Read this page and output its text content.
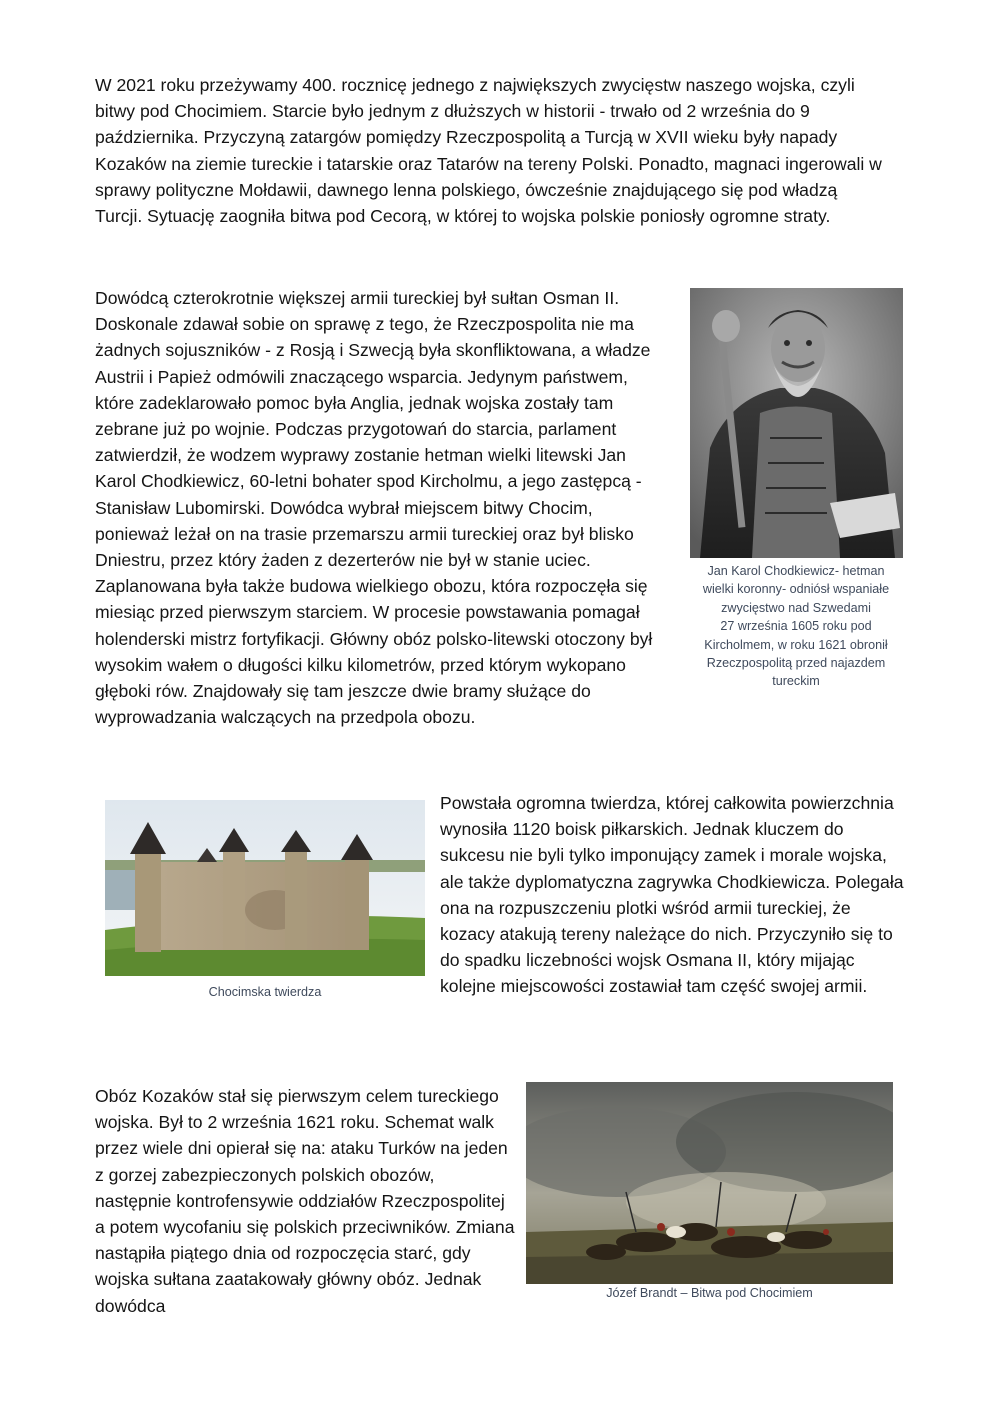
W 2021 roku przeżywamy 400. rocznicę jednego z największych zwycięstw naszego wojska, czyli bitwy pod Chocimiem. Starcie było jednym z dłuższych w historii - trwało od 2 września do 9 października. Przyczyną zatargów pomiędzy Rzeczpospolitą a Turcją w XVII wieku były napady Kozaków na ziemie tureckie i tatarskie oraz Tatarów na tereny Polski. Ponadto, magnaci ingerowali w sprawy polityczne Mołdawii, dawnego lenna polskiego, ówcześnie znajdującego się pod władzą Turcji. Sytuację zaogniła bitwa pod Cecorą, w której to wojska polskie poniosły ogromne straty.

Dowódcą czterokrotnie większej armii tureckiej był sułtan Osman II. Doskonale zdawał sobie on sprawę z tego, że Rzeczpospolita nie ma żadnych sojuszników - z Rosją i Szwecją była skonfliktowana, a władze Austrii i Papież odmówili znaczącego wsparcia. Jedynym państwem, które zadeklarowało pomoc była Anglia, jednak wojska zostały tam zebrane już po wojnie. Podczas przygotowań do starcia, parlament zatwierdził, że wodzem wyprawy zostanie hetman wielki litewski Jan Karol Chodkiewicz, 60-letni bohater spod Kircholmu, a jego zastępcą - Stanisław Lubomirski. Dowódca wybrał miejscem bitwy Chocim, ponieważ leżał on na trasie przemarszu armii tureckiej oraz był blisko Dniestru, przez który żaden z dezerterów nie był w stanie uciec. Zaplanowana była także budowa wielkiego obozu, która rozpoczęła się miesiąc przed pierwszym starciem. W procesie powstawania pomagał holenderski mistrz fortyfikacji. Główny obóz polsko-litewski otoczony był wysokim wałem o długości kilku kilometrów, przed którym wykopano głęboki rów. Znajdowały się tam jeszcze dwie bramy służące do wyprowadzania walczących na przedpola obozu.

Jan Karol Chodkiewicz- hetman
wielki koronny- odniósł wspaniałe
zwycięstwo nad Szwedami
27 września 1605 roku pod
Kircholmem, w roku 1621 obronił
Rzeczpospolitą przed najazdem
tureckim
Chocimska twierdza

Powstała ogromna twierdza, której całkowita powierzchnia wynosiła 1120 boisk piłkarskich. Jednak kluczem do sukcesu nie byli tylko imponujący zamek i morale wojska, ale także dyplomatyczna zagrywka Chodkiewicza. Polegała ona na rozpuszczeniu plotki wśród armii tureckiej, że kozacy atakują tereny należące do nich. Przyczyniło się to do spadku liczebności wojsk Osmana II, który mijając kolejne miejscowości zostawiał tam część swojej armii.

Obóz Kozaków stał się pierwszym celem tureckiego wojska. Był to 2 września 1621 roku. Schemat walk przez wiele dni opierał się na: ataku Turków na jeden z gorzej zabezpieczonych polskich obozów, następnie kontrofensywie oddziałów Rzeczpospolitej a potem wycofaniu się polskich przeciwników. Zmiana nastąpiła piątego dnia od rozpoczęcia starć, gdy wojska sułtana zaatakowały główny obóz. Jednak dowódca

Józef Brandt – Bitwa pod Chocimiem
